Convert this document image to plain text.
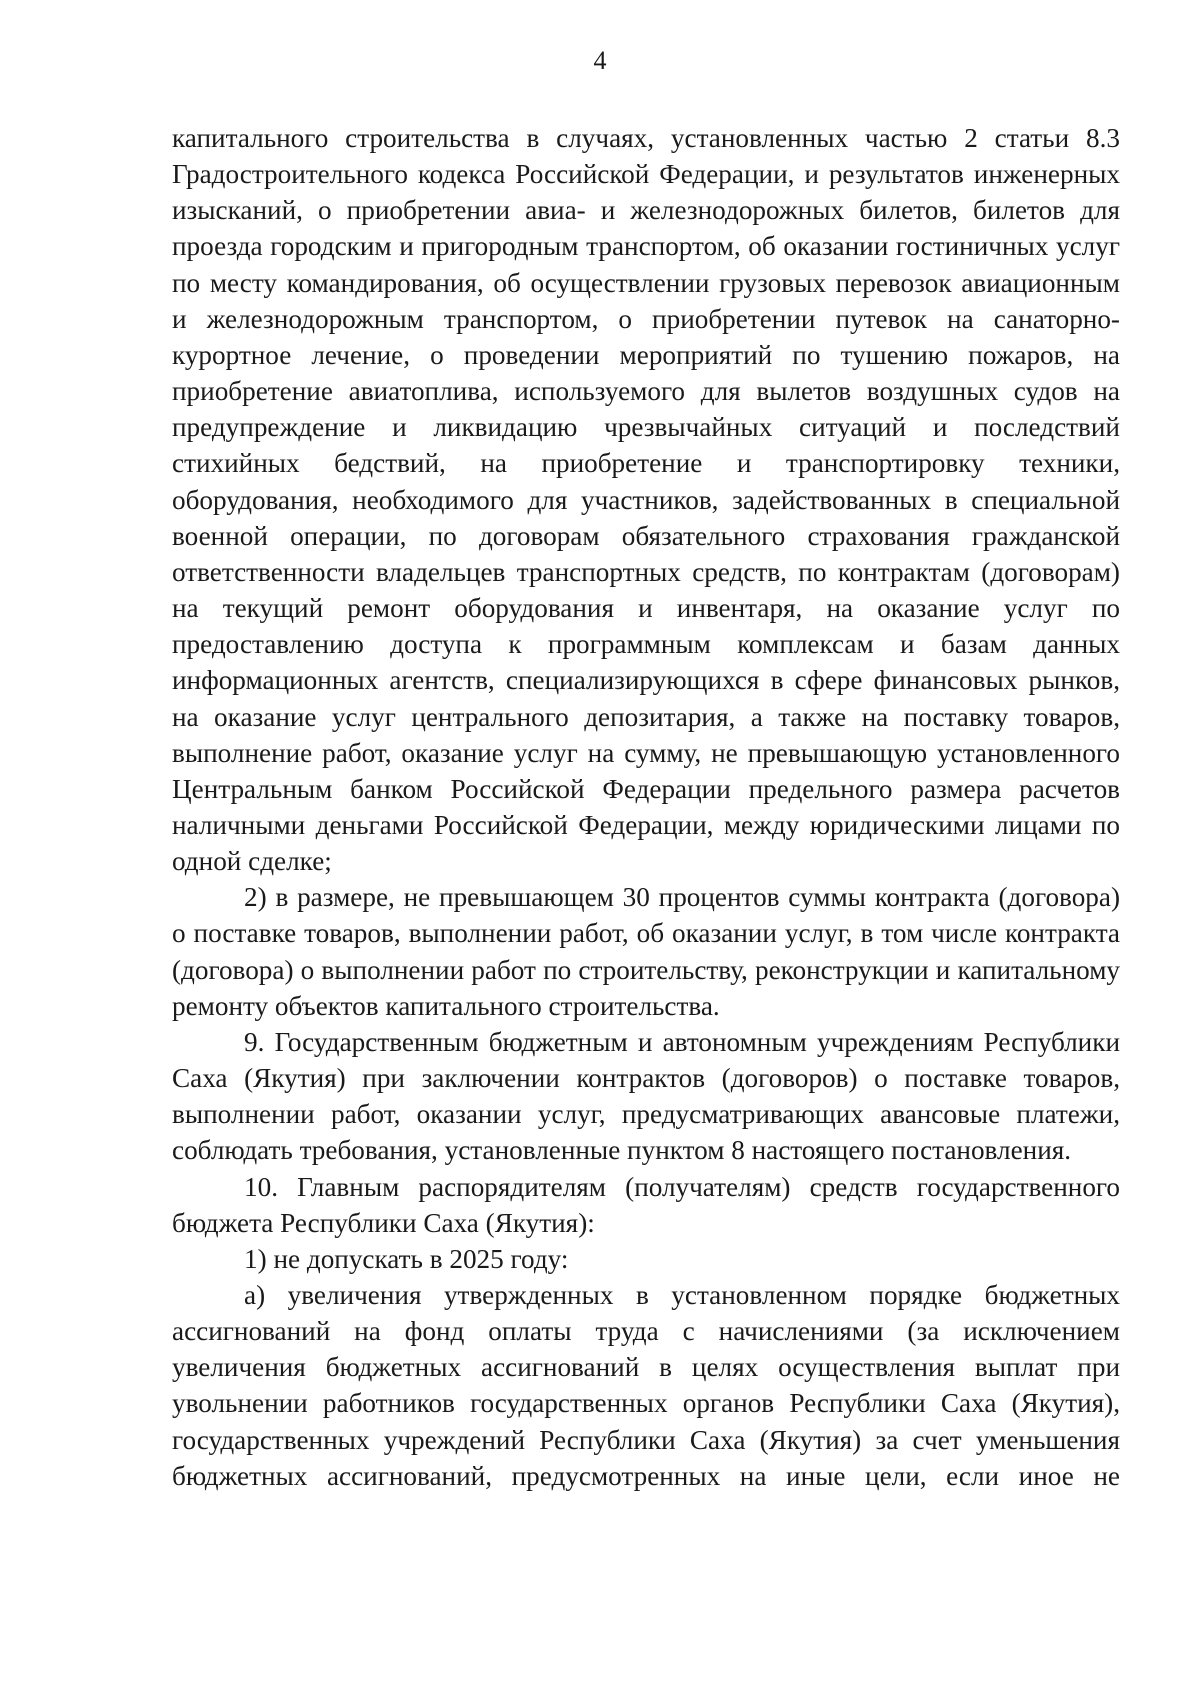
4

капитального строительства в случаях, установленных частью 2 статьи 8.3 Градостроительного кодекса Российской Федерации, и результатов инженерных изысканий, о приобретении авиа- и железнодорожных билетов, билетов для проезда городским и пригородным транспортом, об оказании гостиничных услуг по месту командирования, об осуществлении грузовых перевозок авиационным и железнодорожным транспортом, о приобретении путевок на санаторно-курортное лечение, о проведении мероприятий по тушению пожаров, на приобретение авиатоплива, используемого для вылетов воздушных судов на предупреждение и ликвидацию чрезвычайных ситуаций и последствий стихийных бедствий, на приобретение и транспортировку техники, оборудования, необходимого для участников, задействованных в специальной военной операции, по договорам обязательного страхования гражданской ответственности владельцев транспортных средств, по контрактам (договорам) на текущий ремонт оборудования и инвентаря, на оказание услуг по предоставлению доступа к программным комплексам и базам данных информационных агентств, специализирующихся в сфере финансовых рынков, на оказание услуг центрального депозитария, а также на поставку товаров, выполнение работ, оказание услуг на сумму, не превышающую установленного Центральным банком Российской Федерации предельного размера расчетов наличными деньгами Российской Федерации, между юридическими лицами по одной сделке;

2) в размере, не превышающем 30 процентов суммы контракта (договора) о поставке товаров, выполнении работ, об оказании услуг, в том числе контракта (договора) о выполнении работ по строительству, реконструкции и капитальному ремонту объектов капитального строительства.

9. Государственным бюджетным и автономным учреждениям Республики Саха (Якутия) при заключении контрактов (договоров) о поставке товаров, выполнении работ, оказании услуг, предусматривающих авансовые платежи, соблюдать требования, установленные пунктом 8 настоящего постановления.

10. Главным распорядителям (получателям) средств государственного бюджета Республики Саха (Якутия):

1) не допускать в 2025 году:

а) увеличения утвержденных в установленном порядке бюджетных ассигнований на фонд оплаты труда с начислениями (за исключением увеличения бюджетных ассигнований в целях осуществления выплат при увольнении работников государственных органов Республики Саха (Якутия), государственных учреждений Республики Саха (Якутия) за счет уменьшения бюджетных ассигнований, предусмотренных на иные цели, если иное не
